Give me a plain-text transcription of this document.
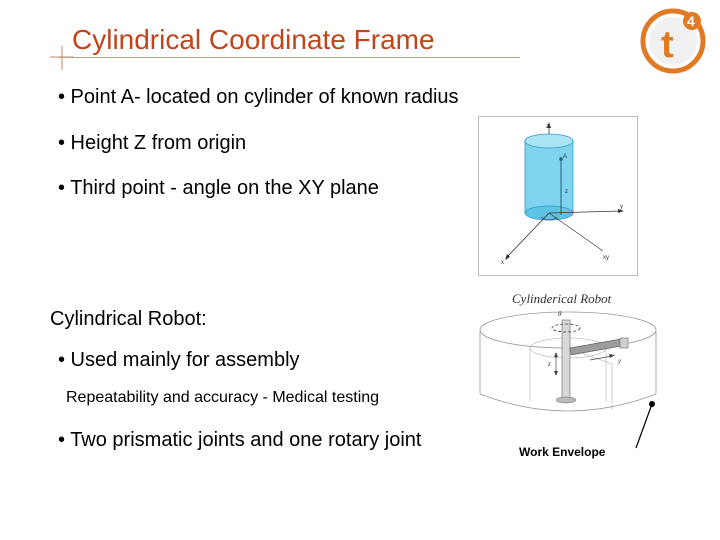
Cylindrical Coordinate Frame	t
4
• Point A- located on cylinder of known radius
• Height Z from origin
• Third point - angle on the XY plane
z
A
z
y
x
xy
Cylindrical Robot:
• Used mainly for assembly
Repeatability and accuracy - Medical testing
• Two prismatic joints and one rotary joint
Cylinderical Robot
θ
z	y
Work Envelope
